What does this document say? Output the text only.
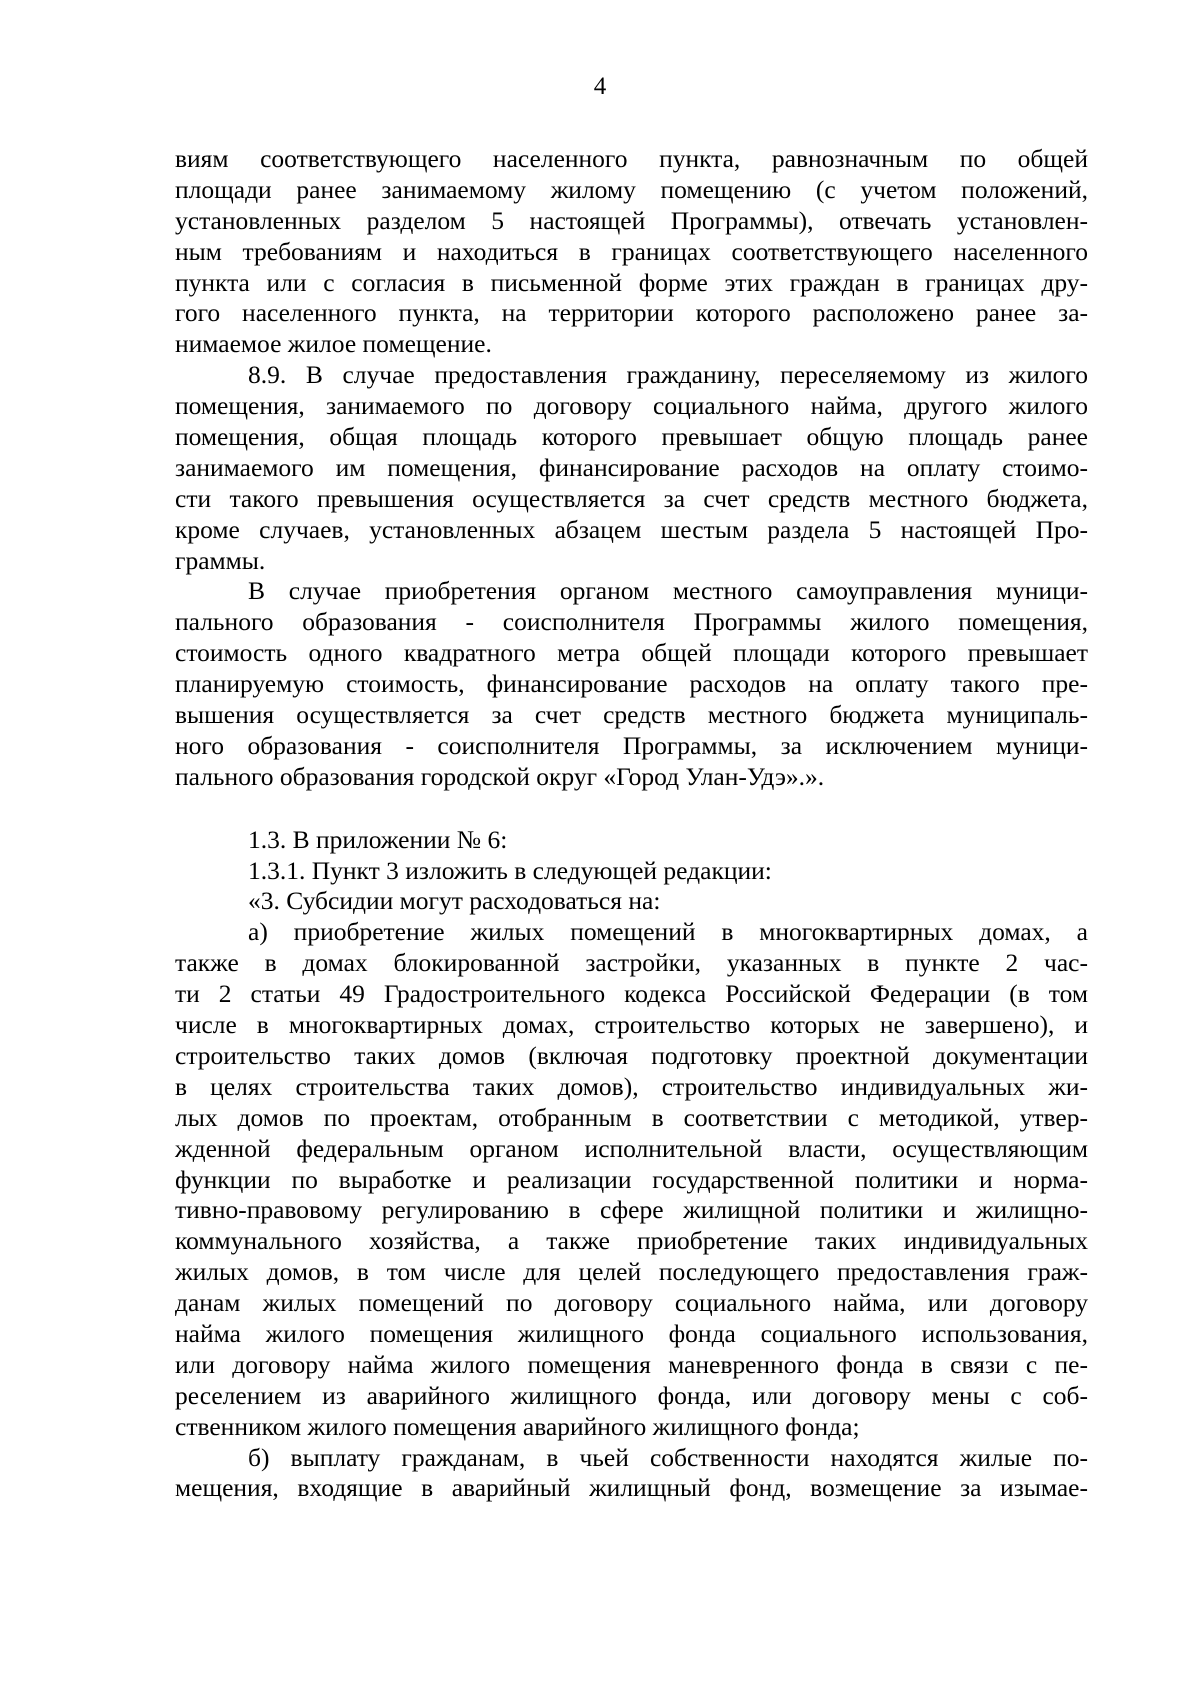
4
виям соответствующего населенного пункта, равнозначным по общей
площади ранее занимаемому жилому помещению (с учетом положений,
установленных разделом 5 настоящей Программы), отвечать установлен-
ным требованиям и находиться в границах соответствующего населенного
пункта или с согласия в письменной форме этих граждан в границах дру-
гого населенного пункта, на территории которого расположено ранее за-
нимаемое жилое помещение.
8.9. В случае предоставления гражданину, переселяемому из жилого
помещения, занимаемого по договору социального найма, другого жилого
помещения, общая площадь которого превышает общую площадь ранее
занимаемого им помещения, финансирование расходов на оплату стоимо-
сти такого превышения осуществляется за счет средств местного бюджета,
кроме случаев, установленных абзацем шестым раздела 5 настоящей Про-
граммы.
В случае приобретения органом местного самоуправления муници-
пального образования - соисполнителя Программы жилого помещения,
стоимость одного квадратного метра общей площади которого превышает
планируемую стоимость, финансирование расходов на оплату такого пре-
вышения осуществляется за счет средств местного бюджета муниципаль-
ного образования - соисполнителя Программы, за исключением муници-
пального образования городской округ «Город Улан-Удэ».».
1.3. В приложении № 6:
1.3.1. Пункт 3 изложить в следующей редакции:
«3. Субсидии могут расходоваться на:
а) приобретение жилых помещений в многоквартирных домах, а
также в домах блокированной застройки, указанных в пункте 2 час-
ти 2 статьи 49 Градостроительного кодекса Российской Федерации (в том
числе в многоквартирных домах, строительство которых не завершено), и
строительство таких домов (включая подготовку проектной документации
в целях строительства таких домов), строительство индивидуальных жи-
лых домов по проектам, отобранным в соответствии с методикой, утвер-
жденной федеральным органом исполнительной власти, осуществляющим
функции по выработке и реализации государственной политики и норма-
тивно-правовому регулированию в сфере жилищной политики и жилищно-
коммунального хозяйства, а также приобретение таких индивидуальных
жилых домов, в том числе для целей последующего предоставления граж-
данам жилых помещений по договору социального найма, или договору
найма жилого помещения жилищного фонда социального использования,
или договору найма жилого помещения маневренного фонда в связи с пе-
реселением из аварийного жилищного фонда, или договору мены с соб-
ственником жилого помещения аварийного жилищного фонда;
б) выплату гражданам, в чьей собственности находятся жилые по-
мещения, входящие в аварийный жилищный фонд, возмещение за изымае-
